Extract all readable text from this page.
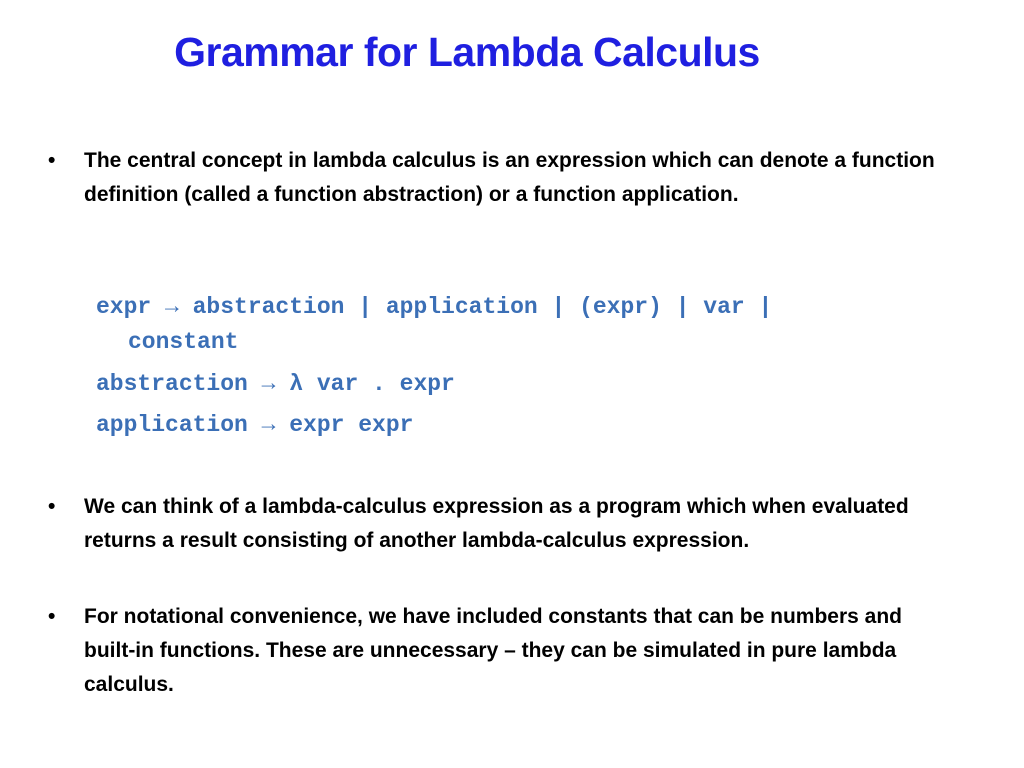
Grammar for Lambda Calculus
• The central concept in lambda calculus is an expression which can denote a function definition (called a function abstraction) or a function application.
expr → abstraction | application | (expr) | var |
constant
abstraction → λ var . expr
application → expr expr
• We can think of a lambda-calculus expression as a program which when evaluated returns a result consisting of another lambda-calculus expression.
• For notational convenience, we have included constants that can be numbers and built-in functions. These are unnecessary – they can be simulated in pure lambda calculus.
